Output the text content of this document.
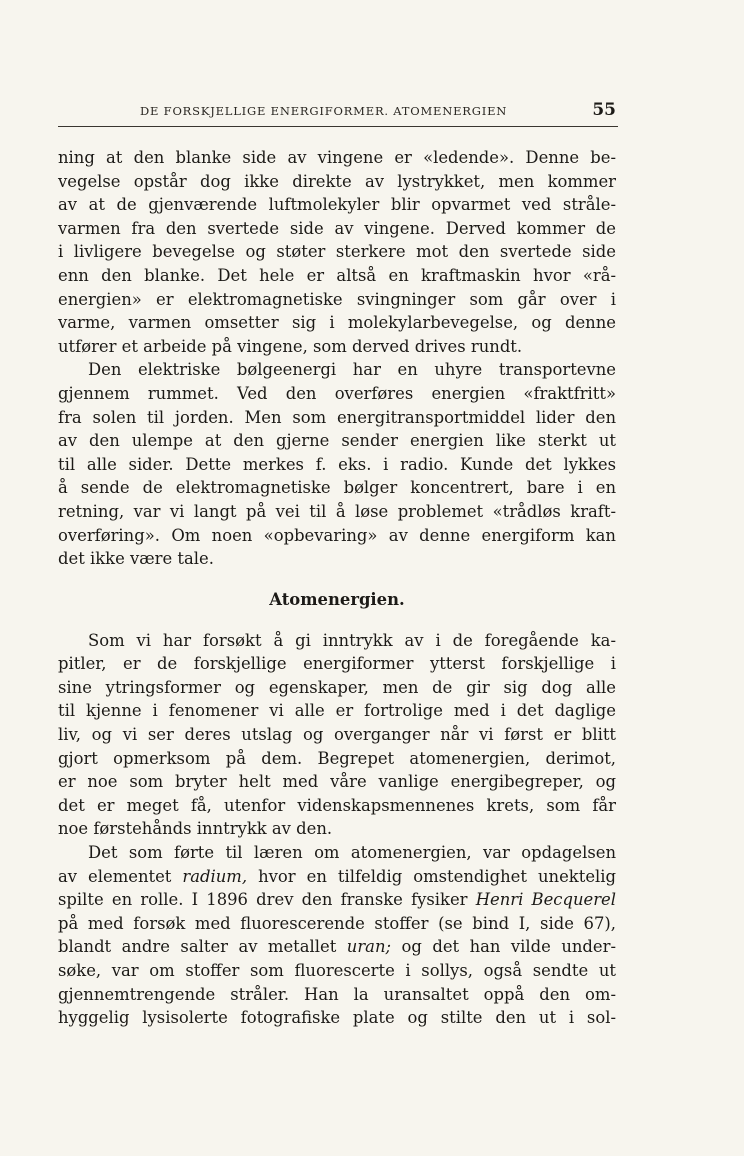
DE FORSKJELLIGE ENERGIFORMER. ATOMENERGIEN	55
ning at den blanke side av vingene er «ledende». Denne be-
vegelse opstår dog ikke direkte av lystrykket, men kommer
av at de gjenværende luftmolekyler blir opvarmet ved stråle-
varmen fra den svertede side av vingene. Derved kommer de
i livligere bevegelse og støter sterkere mot den svertede side
enn den blanke. Det hele er altså en kraftmaskin hvor «rå-
energien» er elektromagnetiske svingninger som går over i
varme, varmen omsetter sig i molekylarbevegelse, og denne
utfører et arbeide på vingene, som derved drives rundt.
Den elektriske bølgeenergi har en uhyre transportevne
gjennem rummet. Ved den overføres energien «fraktfritt»
fra solen til jorden. Men som energitransportmiddel lider den
av den ulempe at den gjerne sender energien like sterkt ut
til alle sider. Dette merkes f. eks. i radio. Kunde det lykkes
å sende de elektromagnetiske bølger koncentrert, bare i en
retning, var vi langt på vei til å løse problemet «trådløs kraft-
overføring». Om noen «opbevaring» av denne energiform kan
det ikke være tale.
Atomenergien.
Som vi har forsøkt å gi inntrykk av i de foregående ka-
pitler, er de forskjellige energiformer ytterst forskjellige i
sine ytringsformer og egenskaper, men de gir sig dog alle
til kjenne i fenomener vi alle er fortrolige med i det daglige
liv, og vi ser deres utslag og overganger når vi først er blitt
gjort opmerksom på dem. Begrepet atomenergien, derimot,
er noe som bryter helt med våre vanlige energibegreper, og
det er meget få, utenfor videnskapsmennenes krets, som får
noe førstehånds inntrykk av den.
Det som førte til læren om atomenergien, var opdagelsen
av elementet radium, hvor en tilfeldig omstendighet unektelig
spilte en rolle. I 1896 drev den franske fysiker Henri Becquerel
på med forsøk med fluorescerende stoffer (se bind I, side 67),
blandt andre salter av metallet uran; og det han vilde under-
søke, var om stoffer som fluorescerte i sollys, også sendte ut
gjennemtrengende stråler. Han la uransaltet oppå den om-
hyggelig lysisolerte fotografiske plate og stilte den ut i sol-
